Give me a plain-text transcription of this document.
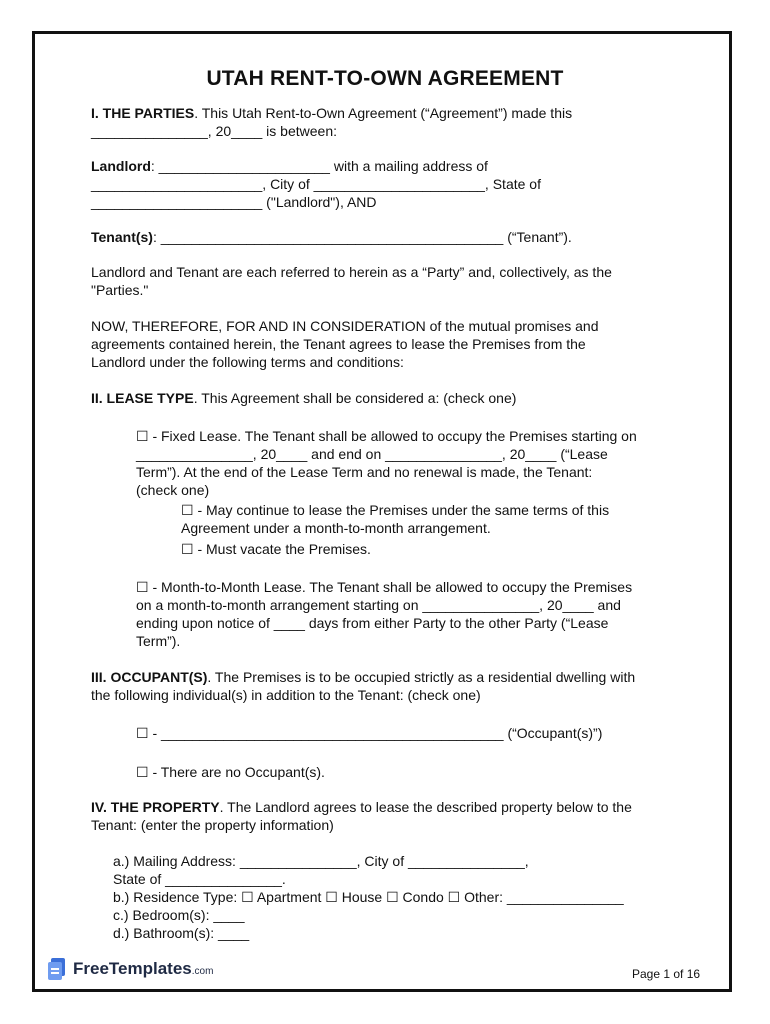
UTAH RENT-TO-OWN AGREEMENT
I. THE PARTIES. This Utah Rent-to-Own Agreement (“Agreement”) made this
_______________, 20____ is between:
Landlord: ______________________ with a mailing address of
______________________, City of ______________________, State of
______________________ ("Landlord"), AND
Tenant(s): ____________________________________________ (“Tenant”).
Landlord and Tenant are each referred to herein as a “Party” and, collectively, as the
"Parties."
NOW, THEREFORE, FOR AND IN CONSIDERATION of the mutual promises and
agreements contained herein, the Tenant agrees to lease the Premises from the
Landlord under the following terms and conditions:
II. LEASE TYPE. This Agreement shall be considered a: (check one)
☐ - Fixed Lease. The Tenant shall be allowed to occupy the Premises starting on
_______________, 20____ and end on _______________, 20____ (“Lease
Term”). At the end of the Lease Term and no renewal is made, the Tenant:
(check one)
☐ - May continue to lease the Premises under the same terms of this
Agreement under a month-to-month arrangement.
☐ - Must vacate the Premises.
☐ - Month-to-Month Lease. The Tenant shall be allowed to occupy the Premises
on a month-to-month arrangement starting on _______________, 20____ and
ending upon notice of ____ days from either Party to the other Party (“Lease
Term”).
III. OCCUPANT(S). The Premises is to be occupied strictly as a residential dwelling with
the following individual(s) in addition to the Tenant: (check one)
☐ - ____________________________________________ (“Occupant(s)”)
☐ - There are no Occupant(s).
IV. THE PROPERTY. The Landlord agrees to lease the described property below to the
Tenant: (enter the property information)
a.) Mailing Address: _______________, City of _______________,
State of _______________.
b.) Residence Type: ☐ Apartment ☐ House ☐ Condo ☐ Other: _______________
c.) Bedroom(s): ____
d.) Bathroom(s): ____
FreeTemplates.com	Page 1 of 16
